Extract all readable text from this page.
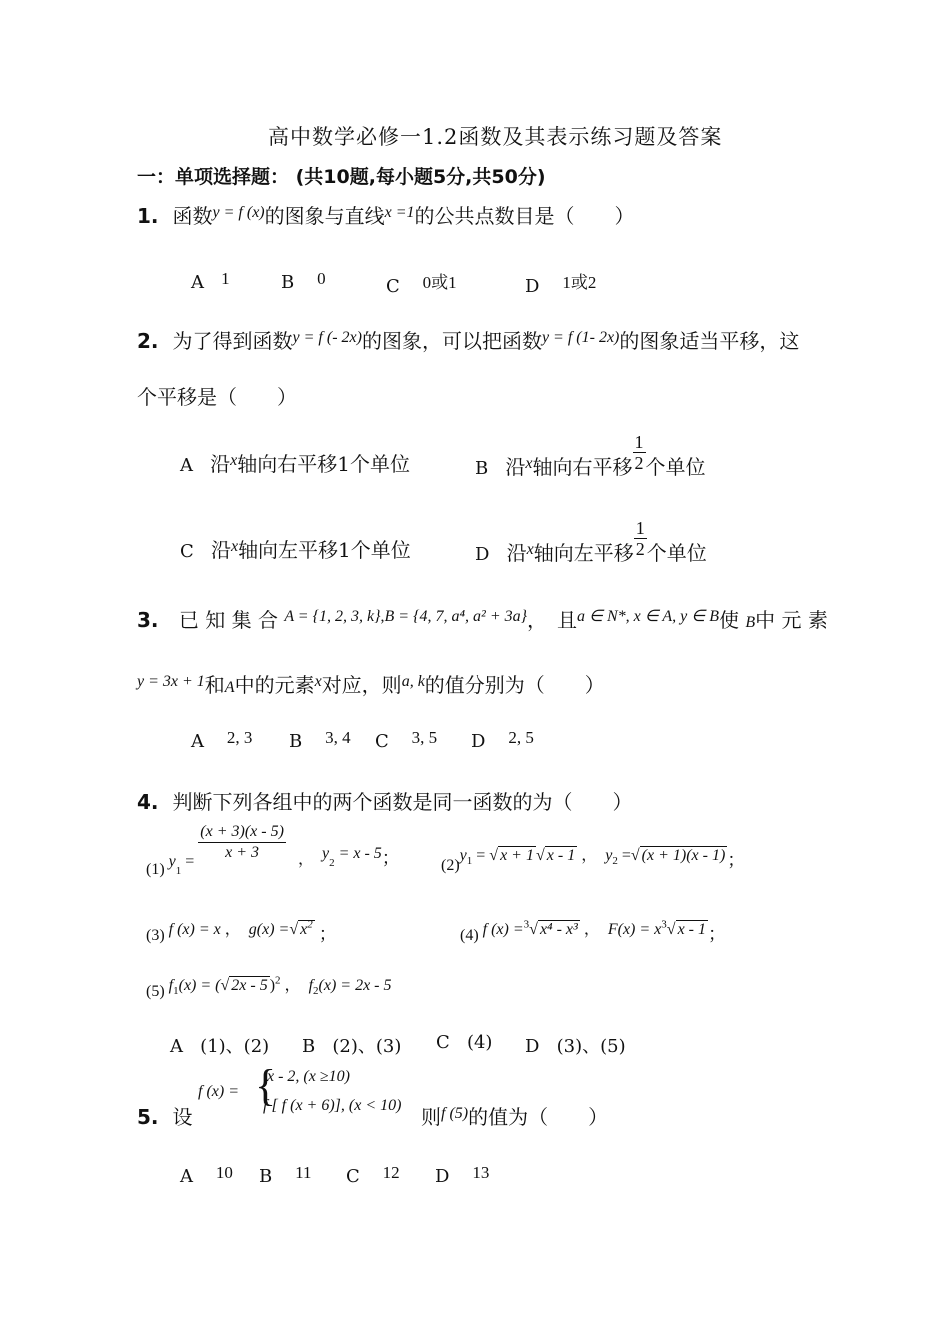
高中数学必修一1.2函数及其表示练习题及答案
一：单项选择题： (共10题,每小题5分,共50分)
1. 函数$^{y = f (x)}$的图象与直线$^{x =1}$的公共点数目是（　　）
A 1	B 0	C 0或1	D 1或2
2. 为了得到函数$^{y = f (- 2x)}$的图象，可以把函数$^{y = f (1- 2x)}$的图象适当平移，这
个平移是（　　）
A 沿x轴向右平移1个单位	B 沿x轴向右平移 $\frac{1}{2}$ 个单位
C 沿x轴向左平移1个单位	D 沿x轴向左平移 $\frac{1}{2}$ 个单位
3. 已 知 集 合 $^{A = \{1, 2, 3, k\},B = \{4, 7, a^4, a^2 + 3a\}}$，　且$^{a \in N*, x \in A, y \in B}$使 B中 元 素
$^{y = 3x + 1}$和A中的元素$^x$对应，则$^{a, k}$的值分别为（　　）
A 2, 3 B 3, 4 C 3, 5 D 2, 5
4. 判断下列各组中的两个函数是同一函数的为（　　）
(1) $y_1 = \frac{(x + 3)(x - 5)}{x + 3}$ ， $y_2 = x - 5$；	$(2)y_1$ = √ x + 1 √ x - 1 ， $y_2$ =√ (x + 1)(x - 1) ；
(3) f (x) = x ， g(x) =√ $x^2$ ；	(4) f (x) =$^3$√ x⁴ - x³ ， $F(x) = x^3√$ x - 1 ；
(5) $f_1(x)$ = (√ 2x - 5 )$^2$ ， $f_2(x) = 2x - 5$
A (1)、(2) B (2)、(3) C (4) D (3)、(5)
5. 设
f (x) = {
x - 2, (x ≥10)
f [ f (x + 6)], (x < 10) 则$^{f (5)}$的值为（　　）
A 10 B 11 C 12 D 13
